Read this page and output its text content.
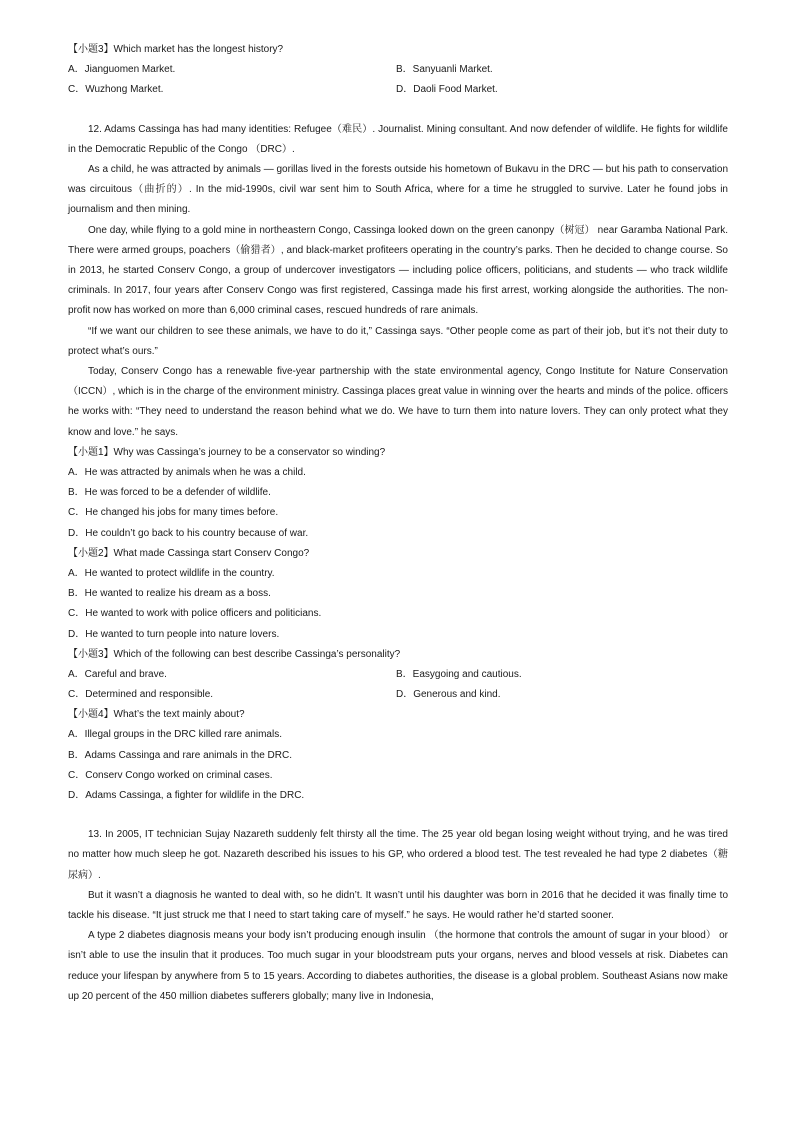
【小题3】Which market has the longest history?
A．Jianguomen Market.	B．Sanyuanli Market.
C．Wuzhong Market.	D．Daoli Food Market.
12. Adams Cassinga has had many identities: Refugee（难民）. Journalist. Mining consultant. And now defender of wildlife. He fights for wildlife in the Democratic Republic of the Congo （DRC）.
As a child, he was attracted by animals — gorillas lived in the forests outside his hometown of Bukavu in the DRC — but his path to conservation was circuitous（曲折的）. In the mid-1990s, civil war sent him to South Africa, where for a time he struggled to survive. Later he found jobs in journalism and then mining.
One day, while flying to a gold mine in northeastern Congo, Cassinga looked down on the green canonpy（树冠） near Garamba National Park. There were armed groups, poachers（偷猎者）, and black-market profiteers operating in the country’s parks. Then he decided to change course. So in 2013, he started Conserv Congo, a group of undercover investigators — including police officers, politicians, and students — who track wildlife criminals. In 2017, four years after Conserv Congo was first registered, Cassinga made his first arrest, working alongside the authorities. The non-profit now has worked on more than 6,000 criminal cases, rescued hundreds of rare animals.
“If we want our children to see these animals, we have to do it,” Cassinga says. “Other people come as part of their job, but it’s not their duty to protect what’s ours.”
Today, Conserv Congo has a renewable five-year partnership with the state environmental agency, Congo Institute for Nature Conservation （ICCN）, which is in the charge of the environment ministry. Cassinga places great value in winning over the hearts and minds of the police. officers he works with: “They need to understand the reason behind what we do. We have to turn them into nature lovers. They can only protect what they know and love.” he says.
【小题1】Why was Cassinga’s journey to be a conservator so winding?
A．He was attracted by animals when he was a child.
B．He was forced to be a defender of wildlife.
C．He changed his jobs for many times before.
D．He couldn’t go back to his country because of war.
【小题2】What made Cassinga start Conserv Congo?
A．He wanted to protect wildlife in the country.
B．He wanted to realize his dream as a boss.
C．He wanted to work with police officers and politicians.
D．He wanted to turn people into nature lovers.
【小题3】Which of the following can best describe Cassinga’s personality?
A．Careful and brave.	B．Easygoing and cautious.
C．Determined and responsible.	D．Generous and kind.
【小题4】What’s the text mainly about?
A．Illegal groups in the DRC killed rare animals.
B．Adams Cassinga and rare animals in the DRC.
C．Conserv Congo worked on criminal cases.
D．Adams Cassinga, a fighter for wildlife in the DRC.
13. In 2005, IT technician Sujay Nazareth suddenly felt thirsty all the time. The 25 year old began losing weight without trying, and he was tired no matter how much sleep he got. Nazareth described his issues to his GP, who ordered a blood test. The test revealed he had type 2 diabetes（糖尿病）.
But it wasn’t a diagnosis he wanted to deal with, so he didn’t. It wasn’t until his daughter was born in 2016 that he decided it was finally time to tackle his disease. “It just struck me that I need to start taking care of myself.” he says. He would rather he’d started sooner.
A type 2 diabetes diagnosis means your body isn’t producing enough insulin （the hormone that controls the amount of sugar in your blood） or isn’t able to use the insulin that it produces. Too much sugar in your bloodstream puts your organs, nerves and blood vessels at risk. Diabetes can reduce your lifespan by anywhere from 5 to 15 years. According to diabetes authorities, the disease is a global problem. Southeast Asians now make up 20 percent of the 450 million diabetes sufferers globally; many live in Indonesia,
